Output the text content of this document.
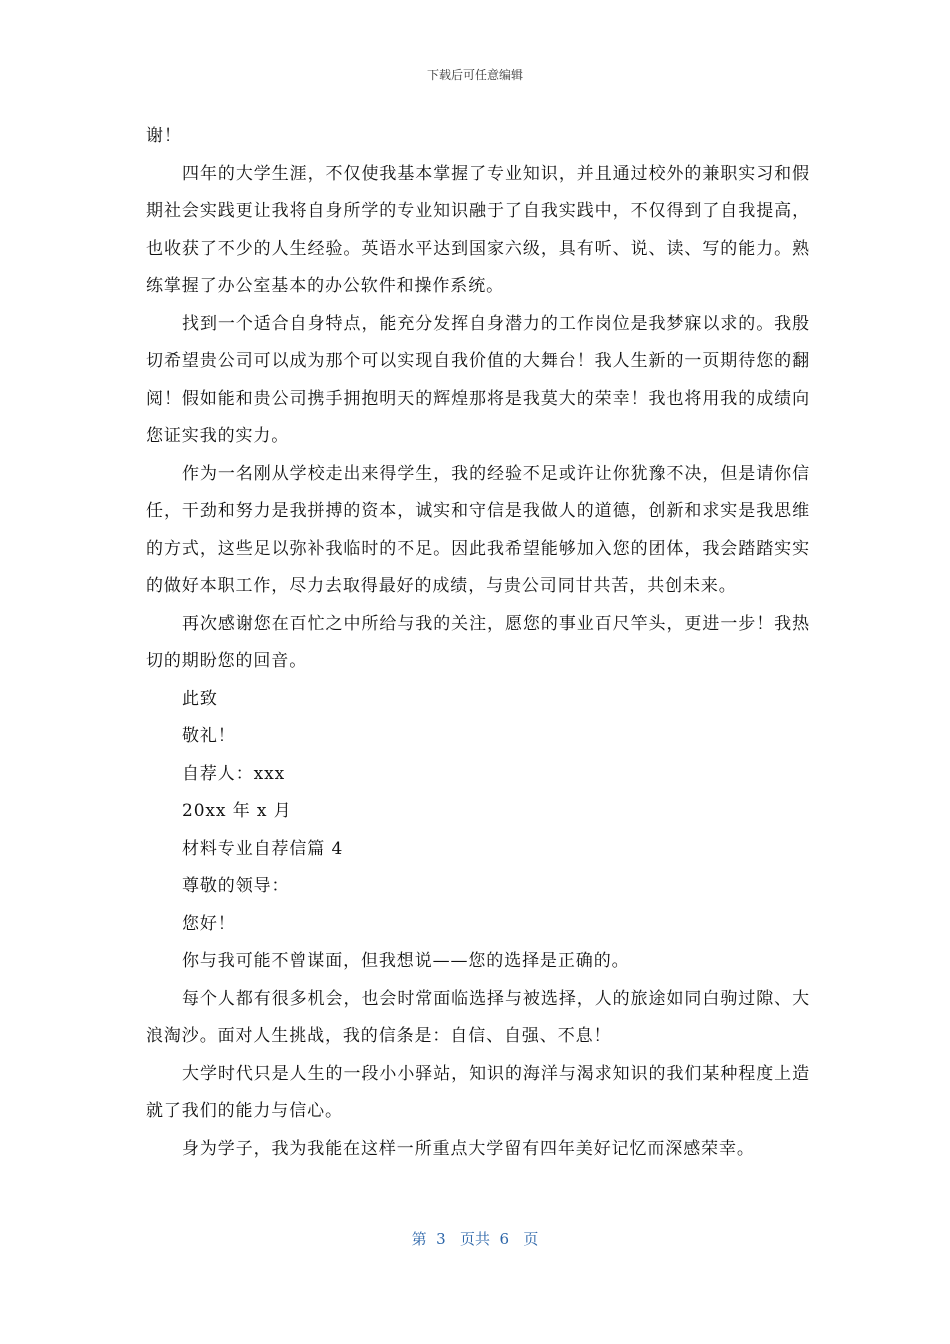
下载后可任意编辑

谢！

四年的大学生涯，不仅使我基本掌握了专业知识，并且通过校外的兼职实习和假期社会实践更让我将自身所学的专业知识融于了自我实践中，不仅得到了自我提高，也收获了不少的人生经验。英语水平达到国家六级，具有听、说、读、写的能力。熟练掌握了办公室基本的办公软件和操作系统。

找到一个适合自身特点，能充分发挥自身潜力的工作岗位是我梦寐以求的。我殷切希望贵公司可以成为那个可以实现自我价值的大舞台！我人生新的一页期待您的翻阅！假如能和贵公司携手拥抱明天的辉煌那将是我莫大的荣幸！我也将用我的成绩向您证实我的实力。

作为一名刚从学校走出来得学生，我的经验不足或许让你犹豫不决，但是请你信任，干劲和努力是我拼搏的资本，诚实和守信是我做人的道德，创新和求实是我思维的方式，这些足以弥补我临时的不足。因此我希望能够加入您的团体，我会踏踏实实的做好本职工作，尽力去取得最好的成绩，与贵公司同甘共苦，共创未来。

再次感谢您在百忙之中所给与我的关注，愿您的事业百尺竿头，更进一步！我热切的期盼您的回音。

此致

敬礼！

自荐人：xxx

20xx 年 x 月

材料专业自荐信篇 4

尊敬的领导：

您好！

你与我可能不曾谋面，但我想说——您的选择是正确的。

每个人都有很多机会，也会时常面临选择与被选择，人的旅途如同白驹过隙、大浪淘沙。面对人生挑战，我的信条是：自信、自强、不息！

大学时代只是人生的一段小小驿站，知识的海洋与渴求知识的我们某种程度上造就了我们的能力与信心。

身为学子，我为我能在这样一所重点大学留有四年美好记忆而深感荣幸。

第  3   页共  6   页
